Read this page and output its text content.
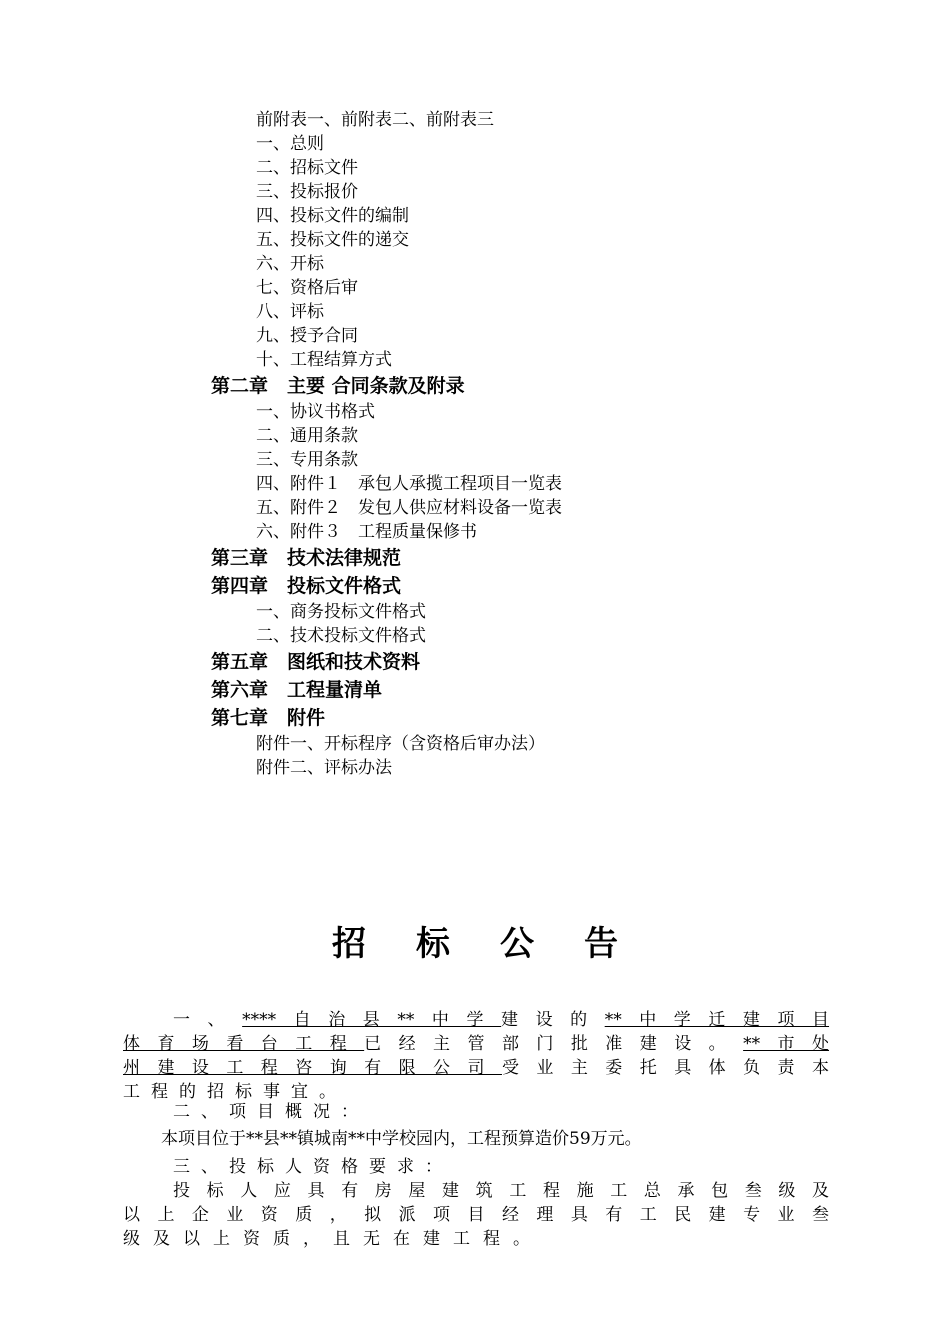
前附表一、前附表二、前附表三
一、总则
二、招标文件
三、投标报价
四、投标文件的编制
五、投标文件的递交
六、开标
七、资格后审
八、评标
九、授予合同
十、工程结算方式
第二章　主要 合同条款及附录
一、协议书格式
二、通用条款
三、专用条款
四、附件１　承包人承揽工程项目一览表
五、附件２　发包人供应材料设备一览表
六、附件３　工程质量保修书
第三章　技术法律规范
第四章　投标文件格式
一、商务投标文件格式
二、技术投标文件格式
第五章　图纸和技术资料
第六章　工程量清单
第七章　附件
附件一、开标程序（含资格后审办法）
附件二、评标办法
招标公告
一、****自治县**中学建设的**中学迁建项目
体育场看台工程已经主管部门批准建设。**市处
州建设工程咨询有限公司受业主委托具体负责本
工程的招标事宜。
二、项目概况：
本项目位于**县**镇城南**中学校园内，工程预算造价59万元。
三、投标人资格要求：
投标人应具有房屋建筑工程施工总承包叁级及
以上企业资质，拟派项目经理具有工民建专业叁
级及以上资质，且无在建工程。
